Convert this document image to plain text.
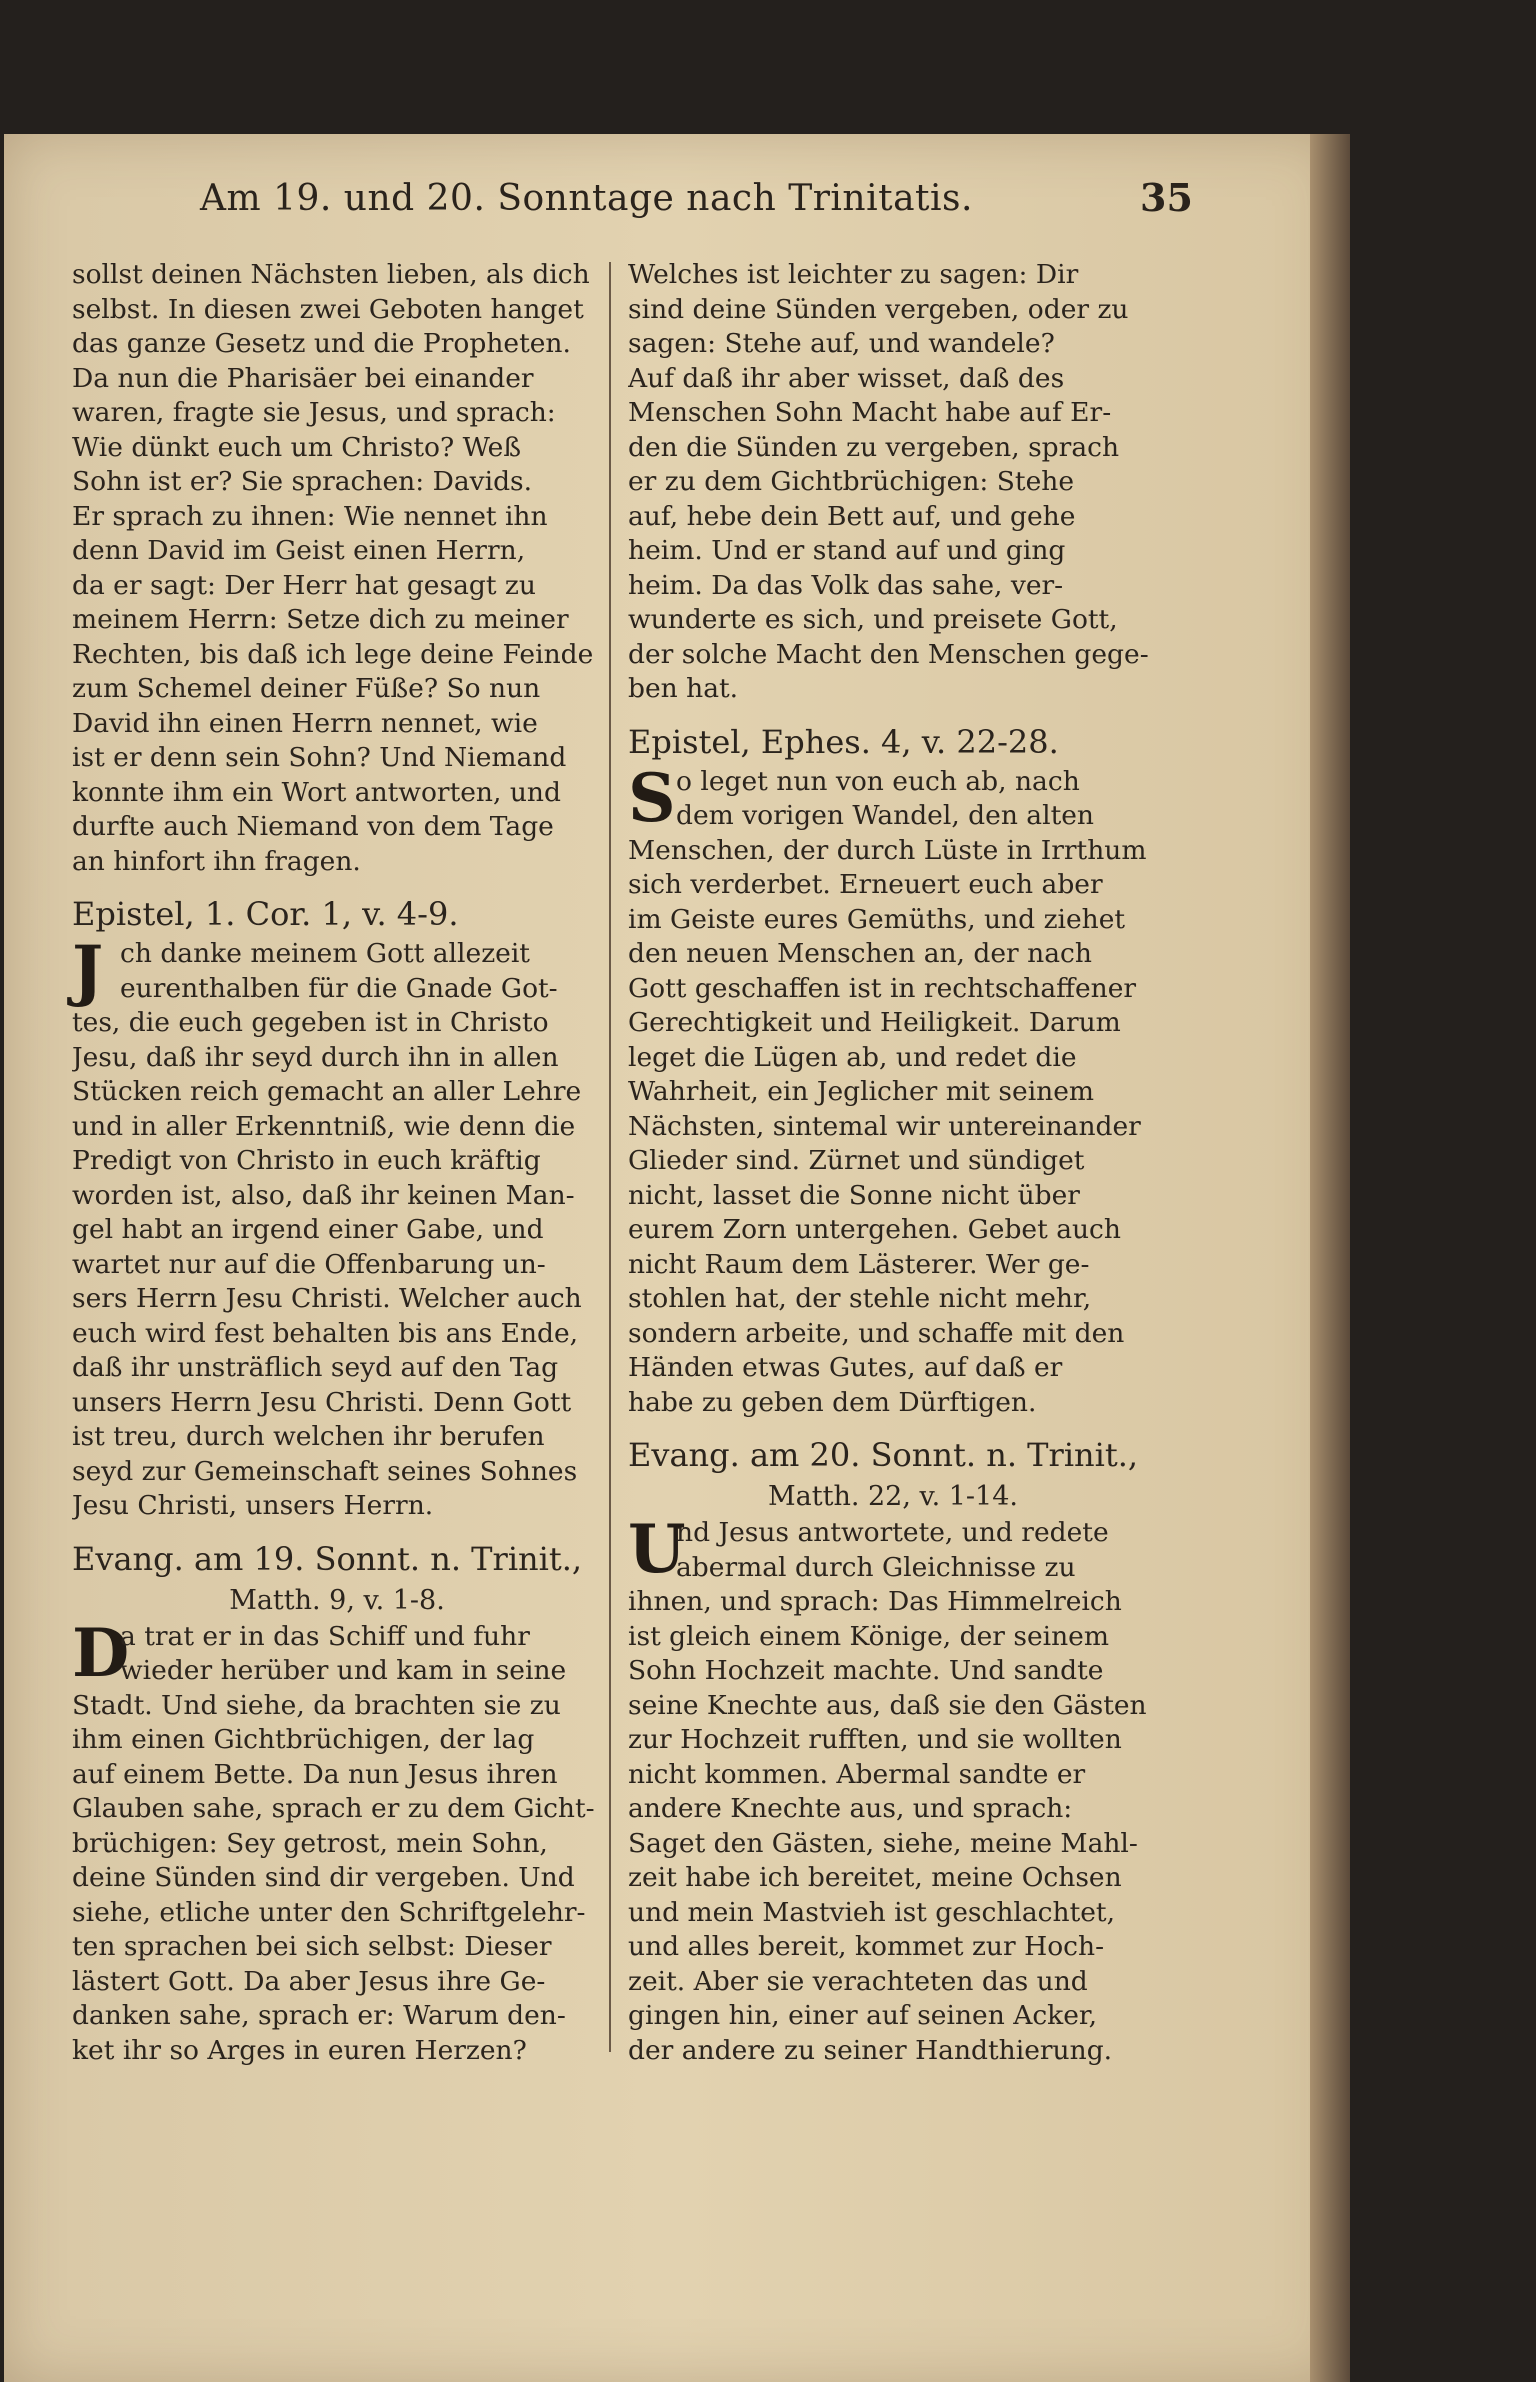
Am 19. und 20. Sonntage nach Trinitatis.	35
sollst deinen Nächsten lieben, als dich
selbst. In diesen zwei Geboten hanget
das ganze Gesetz und die Propheten.
Da nun die Pharisäer bei einander
waren, fragte sie Jesus, und sprach:
Wie dünkt euch um Christo? Weß
Sohn ist er? Sie sprachen: Davids.
Er sprach zu ihnen: Wie nennet ihn
denn David im Geist einen Herrn,
da er sagt: Der Herr hat gesagt zu
meinem Herrn: Setze dich zu meiner
Rechten, bis daß ich lege deine Feinde
zum Schemel deiner Füße? So nun
David ihn einen Herrn nennet, wie
ist er denn sein Sohn? Und Niemand
konnte ihm ein Wort antworten, und
durfte auch Niemand von dem Tage
an hinfort ihn fragen.
Epistel, 1. Cor. 1, v. 4-9.
J ch danke meinem Gott allezeit
eurenthalben für die Gnade Got-
tes, die euch gegeben ist in Christo
Jesu, daß ihr seyd durch ihn in allen
Stücken reich gemacht an aller Lehre
und in aller Erkenntniß, wie denn die
Predigt von Christo in euch kräftig
worden ist, also, daß ihr keinen Man-
gel habt an irgend einer Gabe, und
wartet nur auf die Offenbarung un-
sers Herrn Jesu Christi. Welcher auch
euch wird fest behalten bis ans Ende,
daß ihr unsträflich seyd auf den Tag
unsers Herrn Jesu Christi. Denn Gott
ist treu, durch welchen ihr berufen
seyd zur Gemeinschaft seines Sohnes
Jesu Christi, unsers Herrn.
Evang. am 19. Sonnt. n. Trinit.,
Matth. 9, v. 1-8.
D
a trat er in das Schiff und fuhr
wieder herüber und kam in seine
Stadt. Und siehe, da brachten sie zu
ihm einen Gichtbrüchigen, der lag
auf einem Bette. Da nun Jesus ihren
Glauben sahe, sprach er zu dem Gicht-
brüchigen: Sey getrost, mein Sohn,
deine Sünden sind dir vergeben. Und
siehe, etliche unter den Schriftgelehr-
ten sprachen bei sich selbst: Dieser
lästert Gott. Da aber Jesus ihre Ge-
danken sahe, sprach er: Warum den-
ket ihr so Arges in euren Herzen?
Welches ist leichter zu sagen: Dir
sind deine Sünden vergeben, oder zu
sagen: Stehe auf, und wandele?
Auf daß ihr aber wisset, daß des
Menschen Sohn Macht habe auf Er-
den die Sünden zu vergeben, sprach
er zu dem Gichtbrüchigen: Stehe
auf, hebe dein Bett auf, und gehe
heim. Und er stand auf und ging
heim. Da das Volk das sahe, ver-
wunderte es sich, und preisete Gott,
der solche Macht den Menschen gege-
ben hat.
Epistel, Ephes. 4, v. 22-28.
S o leget nun von euch ab, nach
dem vorigen Wandel, den alten
Menschen, der durch Lüste in Irrthum
sich verderbet. Erneuert euch aber
im Geiste eures Gemüths, und ziehet
den neuen Menschen an, der nach
Gott geschaffen ist in rechtschaffener
Gerechtigkeit und Heiligkeit. Darum
leget die Lügen ab, und redet die
Wahrheit, ein Jeglicher mit seinem
Nächsten, sintemal wir untereinander
Glieder sind. Zürnet und sündiget
nicht, lasset die Sonne nicht über
eurem Zorn untergehen. Gebet auch
nicht Raum dem Lästerer. Wer ge-
stohlen hat, der stehle nicht mehr,
sondern arbeite, und schaffe mit den
Händen etwas Gutes, auf daß er
habe zu geben dem Dürftigen.
Evang. am 20. Sonnt. n. Trinit.,
Matth. 22, v. 1-14.
U
nd Jesus antwortete, und redete
abermal durch Gleichnisse zu
ihnen, und sprach: Das Himmelreich
ist gleich einem Könige, der seinem
Sohn Hochzeit machte. Und sandte
seine Knechte aus, daß sie den Gästen
zur Hochzeit rufften, und sie wollten
nicht kommen. Abermal sandte er
andere Knechte aus, und sprach:
Saget den Gästen, siehe, meine Mahl-
zeit habe ich bereitet, meine Ochsen
und mein Mastvieh ist geschlachtet,
und alles bereit, kommet zur Hoch-
zeit. Aber sie verachteten das und
gingen hin, einer auf seinen Acker,
der andere zu seiner Handthierung.
